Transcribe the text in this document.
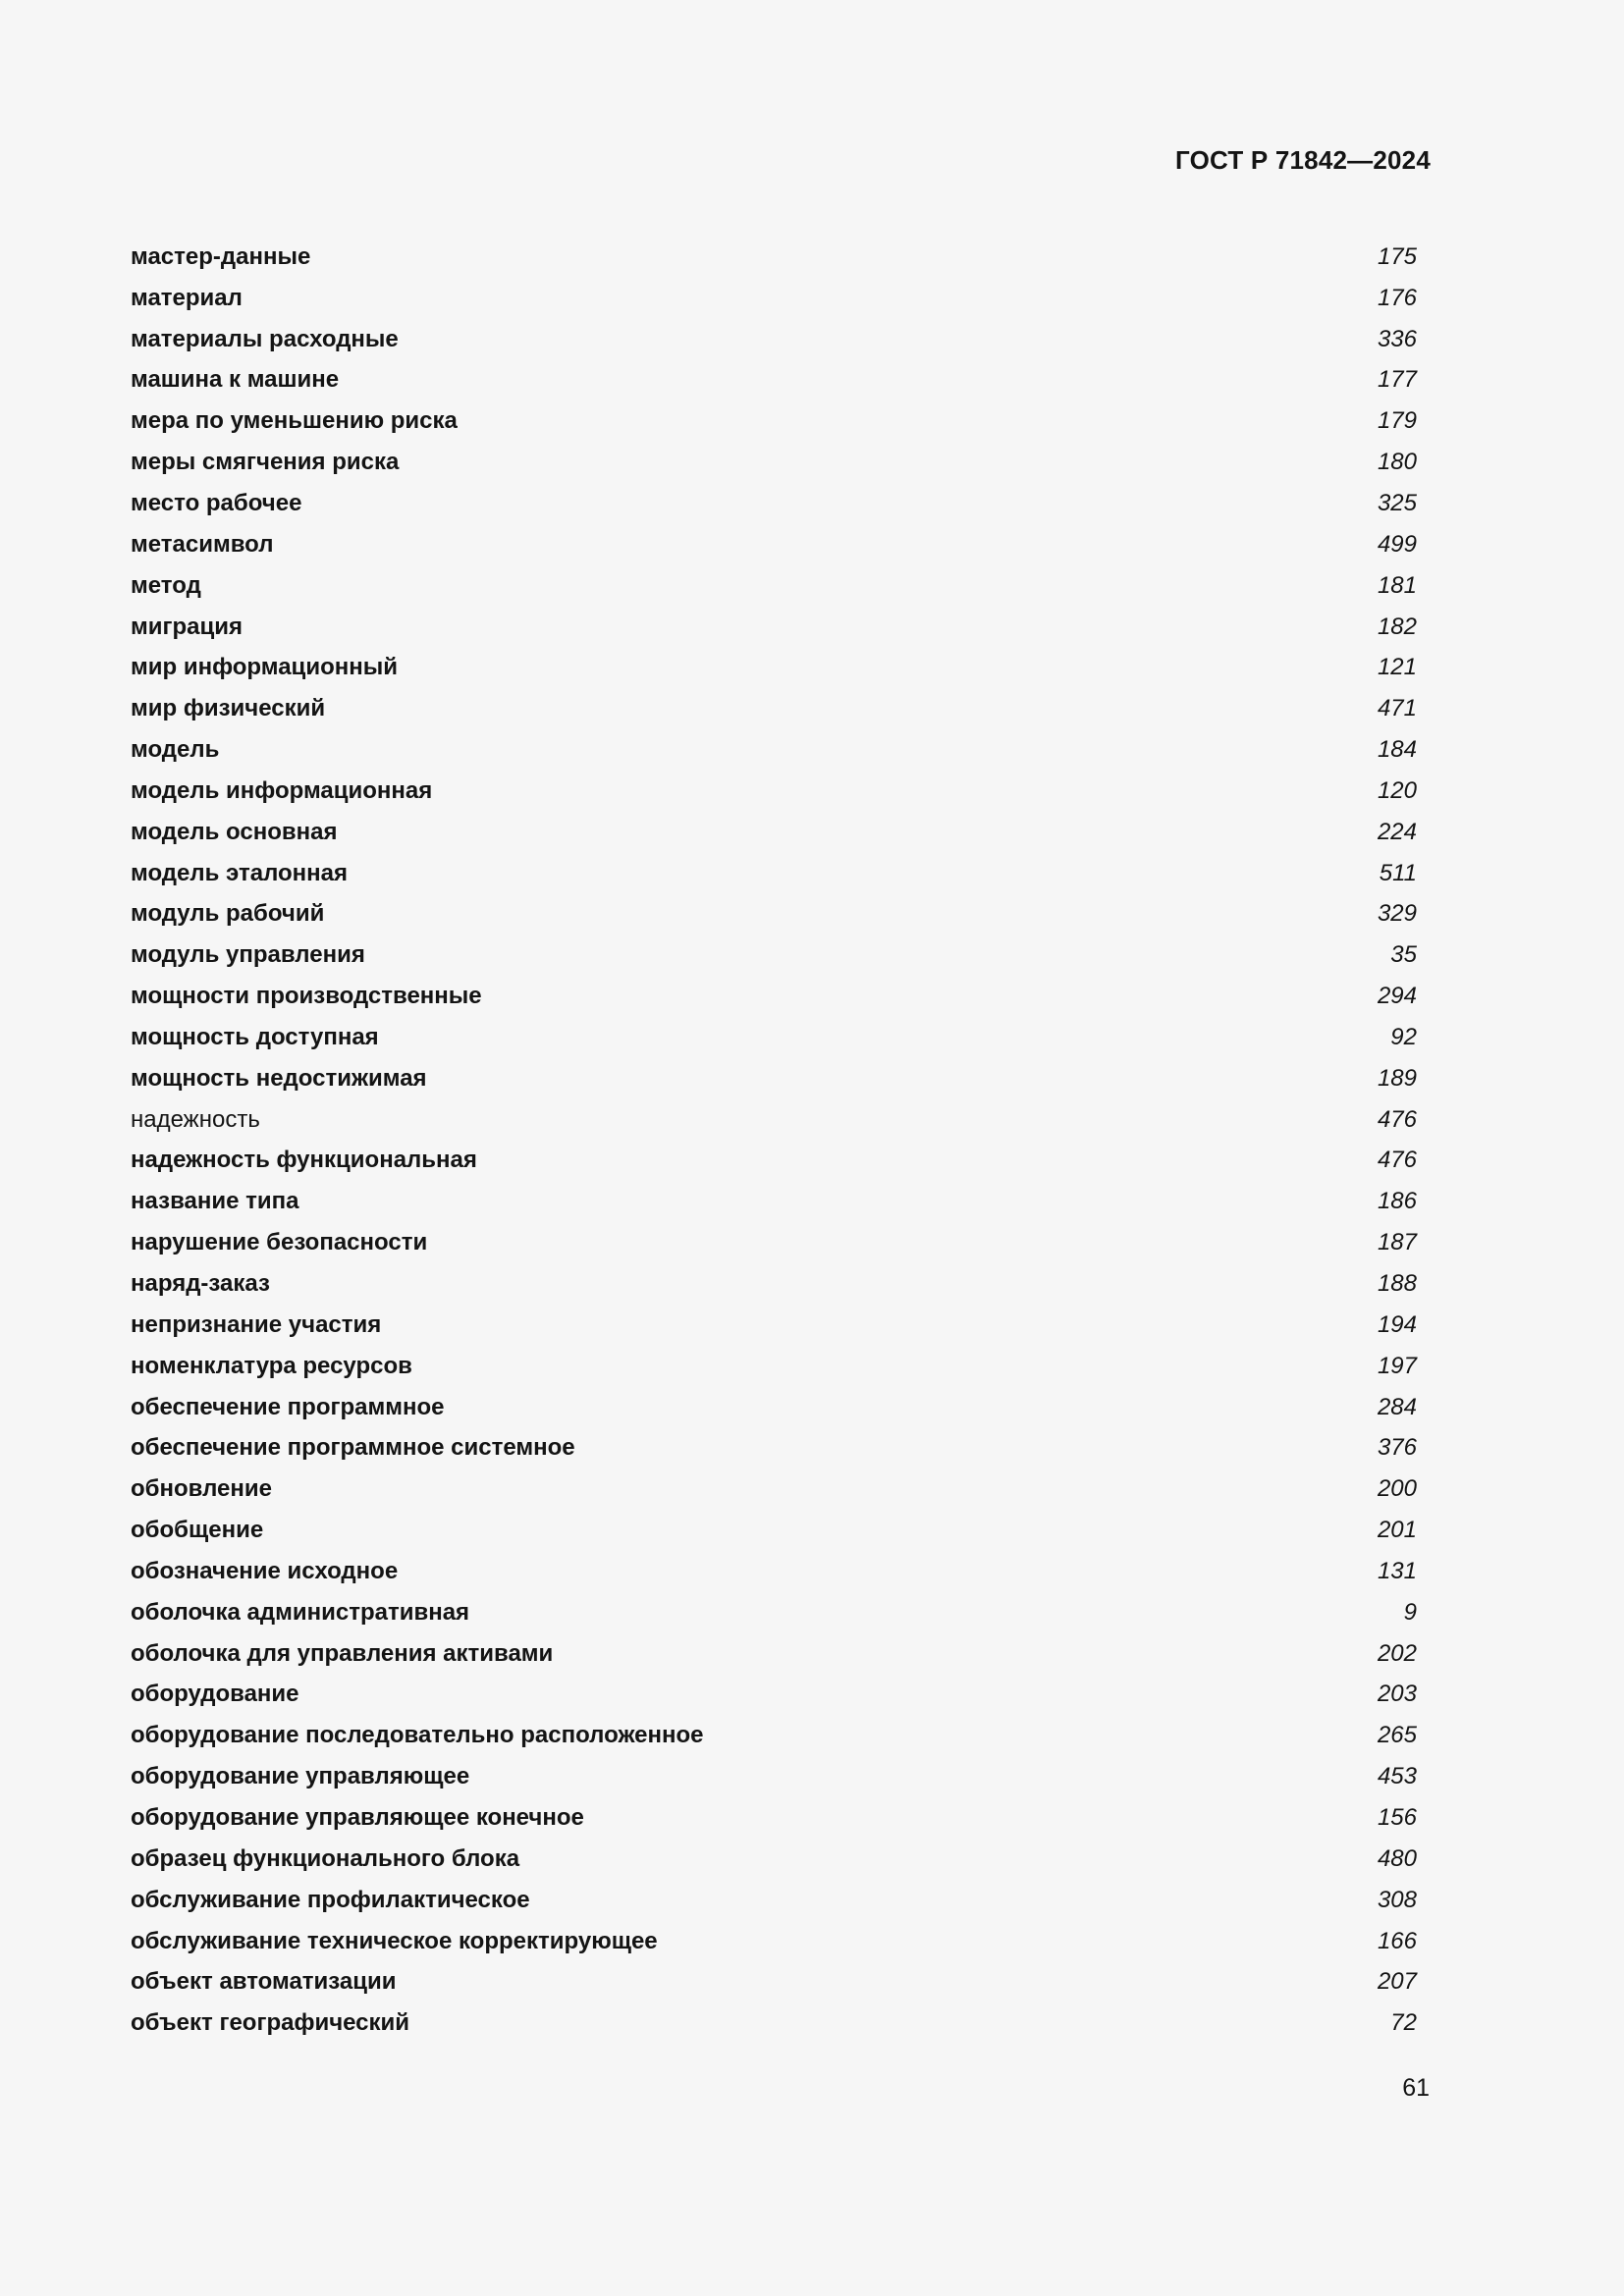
ГОСТ Р 71842—2024
мастер-данные	175
материал	176
материалы расходные	336
машина к машине	177
мера по уменьшению риска	179
меры смягчения риска	180
место рабочее	325
метасимвол	499
метод	181
миграция	182
мир информационный	121
мир физический	471
модель	184
модель информационная	120
модель основная	224
модель эталонная	511
модуль рабочий	329
модуль управления	35
мощности производственные	294
мощность доступная	92
мощность недостижимая	189
надежность	476
надежность функциональная	476
название типа	186
нарушение безопасности	187
наряд-заказ	188
непризнание участия	194
номенклатура ресурсов	197
обеспечение программное	284
обеспечение программное системное	376
обновление	200
обобщение	201
обозначение исходное	131
оболочка административная	9
оболочка для управления активами	202
оборудование	203
оборудование последовательно расположенное	265
оборудование управляющее	453
оборудование управляющее конечное	156
образец функционального блока	480
обслуживание профилактическое	308
обслуживание техническое корректирующее	166
объект автоматизации	207
объект географический	72
61
